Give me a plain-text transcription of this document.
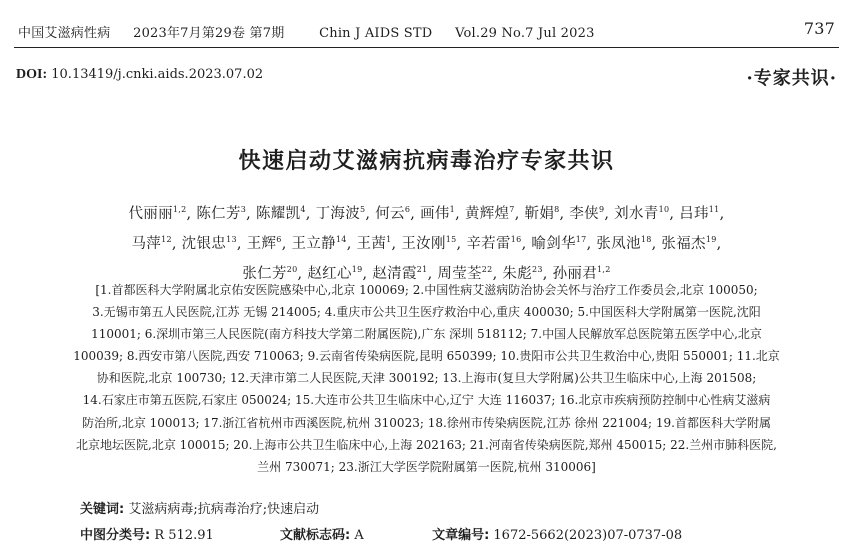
中国艾滋病性病 2023年7月第29卷 第7期	Chin J AIDS STD Vol.29 No.7 Jul 2023	737
DOI: 10.13419/j.cnki.aids.2023.07.02	·专家共识·
快速启动艾滋病抗病毒治疗专家共识
代丽丽$^{1,2}$, 陈仁芳$^3$, 陈耀凯$^4$, 丁海波$^5$, 何云$^6$, 画伟$^1$, 黄辉煌$^7$, 靳娟$^8$, 李侠$^9$, 刘水青$^{10}$, 吕玮$^{11}$,
马萍$^{12}$, 沈银忠$^{13}$, 王辉$^6$, 王立静$^{14}$, 王茜$^1$, 王汝刚$^{15}$, 辛若雷$^{16}$, 喻剑华$^{17}$, 张凤池$^{18}$, 张福杰$^{19}$,
张仁芳$^{20}$, 赵红心$^{19}$, 赵清霞$^{21}$, 周莹荃$^{22}$, 朱彪$^{23}$, 孙丽君$^{1,2}$
[1.首都医科大学附属北京佑安医院感染中心,北京 100069; 2.中国性病艾滋病防治协会关怀与治疗工作委员会,北京 100050;
3.无锡市第五人民医院,江苏 无锡 214005; 4.重庆市公共卫生医疗救治中心,重庆 400030; 5.中国医科大学附属第一医院,沈阳
110001; 6.深圳市第三人民医院(南方科技大学第二附属医院),广东 深圳 518112; 7.中国人民解放军总医院第五医学中心,北京
100039; 8.西安市第八医院,西安 710063; 9.云南省传染病医院,昆明 650399; 10.贵阳市公共卫生救治中心,贵阳 550001; 11.北京
协和医院,北京 100730; 12.天津市第二人民医院,天津 300192; 13.上海市(复旦大学附属)公共卫生临床中心,上海 201508;
14.石家庄市第五医院,石家庄 050024; 15.大连市公共卫生临床中心,辽宁 大连 116037; 16.北京市疾病预防控制中心性病艾滋病
防治所,北京 100013; 17.浙江省杭州市西溪医院,杭州 310023; 18.徐州市传染病医院,江苏 徐州 221004; 19.首都医科大学附属
北京地坛医院,北京 100015; 20.上海市公共卫生临床中心,上海 202163; 21.河南省传染病医院,郑州 450015; 22.兰州市肺科医院,
兰州 730071; 23.浙江大学医学院附属第一医院,杭州 310006]
关键词: 艾滋病病毒;抗病毒治疗;快速启动
中图分类号: R 512.91	文献标志码: A	文章编号: 1672-5662(2023)07-0737-08
